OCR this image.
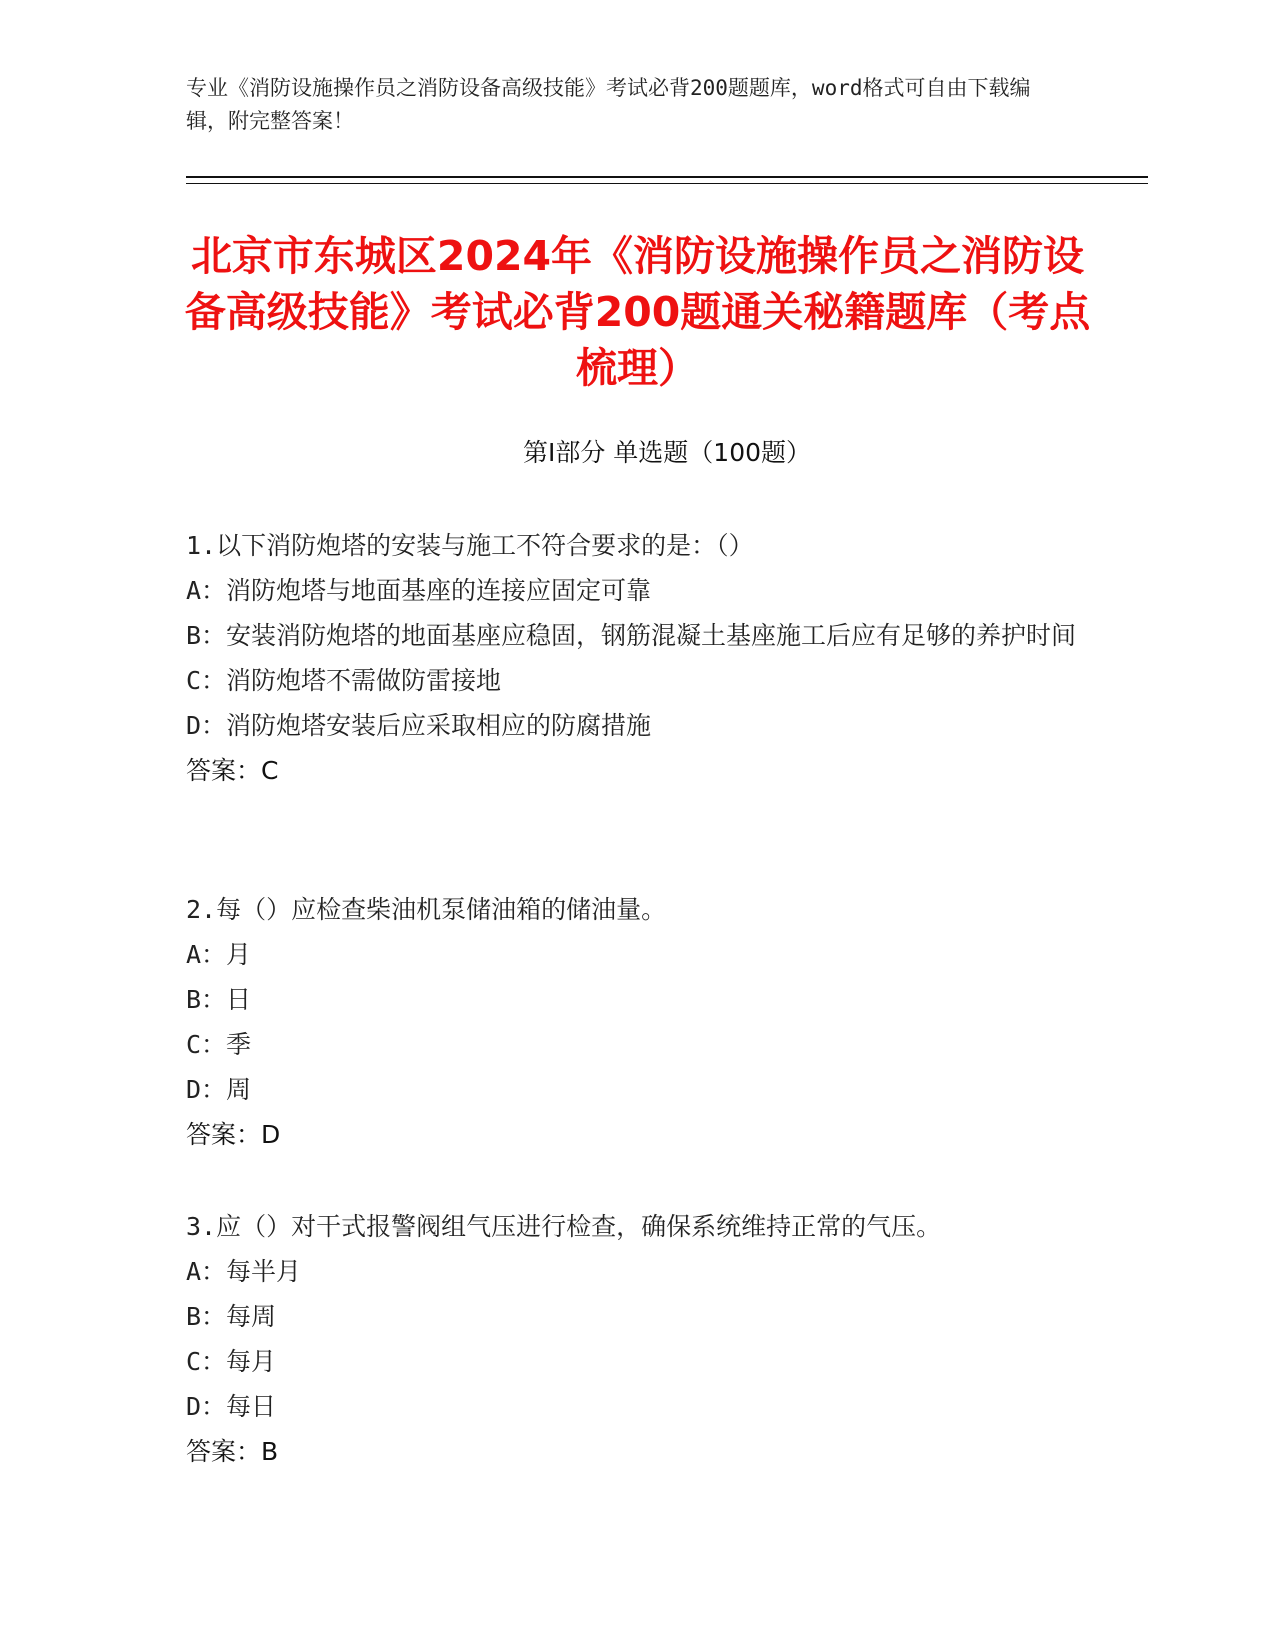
专业《消防设施操作员之消防设备高级技能》考试必背200题题库，word格式可自由下载编辑，附完整答案！
北京市东城区2024年《消防设施操作员之消防设备高级技能》考试必背200题通关秘籍题库（考点梳理）
第I部分 单选题（100题）
1.以下消防炮塔的安装与施工不符合要求的是：（）
A：消防炮塔与地面基座的连接应固定可靠
B：安装消防炮塔的地面基座应稳固，钢筋混凝土基座施工后应有足够的养护时间
C：消防炮塔不需做防雷接地
D：消防炮塔安装后应采取相应的防腐措施
答案：C
2.每（）应检查柴油机泵储油箱的储油量。
A：月
B：日
C：季
D：周
答案：D
3.应（）对干式报警阀组气压进行检查，确保系统维持正常的气压。
A：每半月
B：每周
C：每月
D：每日
答案：B
